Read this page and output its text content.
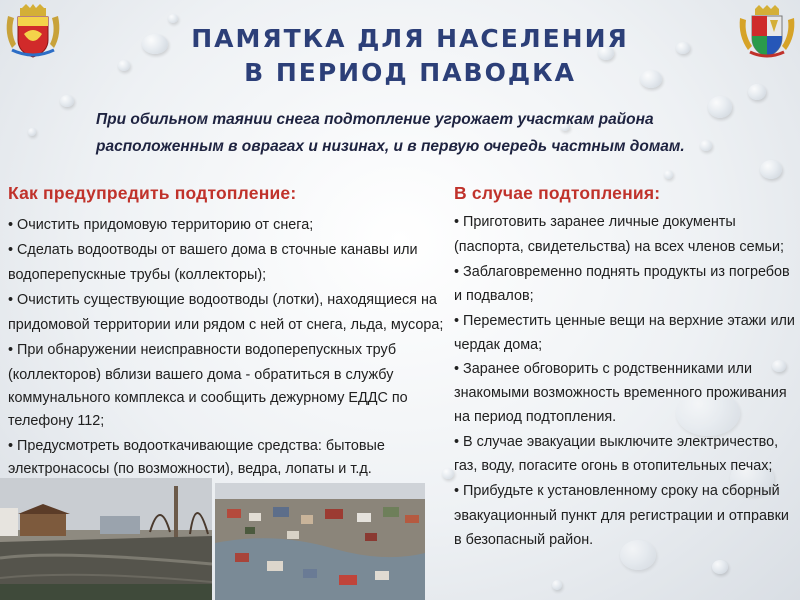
ПАМЯТКА ДЛЯ НАСЕЛЕНИЯ
В ПЕРИОД ПАВОДКА

При обильном таянии снега подтопление угрожает участкам района

расположенным в оврагах и низинах, и в первую очередь частным домам.

Как предупредить подтопление:

• Очистить придомовую территорию от снега;

• Сделать водоотводы от вашего дома в сточные канавы или

водоперепускные трубы (коллекторы);

• Очистить существующие водоотводы (лотки), находящиеся на

придомовой территории или рядом с ней от снега, льда, мусора;

• При обнаружении неисправности водоперепускных труб

(коллекторов) вблизи вашего дома - обратиться в службу

коммунального комплекса и сообщить дежурному ЕДДС по

телефону 112;

• Предусмотреть водооткачивающие средства: бытовые

электронасосы (по возможности), ведра, лопаты и т.д.

В случае подтопления:

• Приготовить заранее личные документы

(паспорта, свидетельства) на всех членов семьи;

• Заблаговременно поднять продукты из погребов

и подвалов;

• Переместить ценные вещи на верхние этажи или

чердак дома;

• Заранее обговорить с родственниками или

знакомыми возможность временного проживания

на период подтопления.

• В случае эвакуации выключите электричество,

газ, воду, погасите огонь в отопительных печах;

• Прибудьте к установленному сроку на сборный

эвакуационный пункт для регистрации и отправки

в безопасный район.
